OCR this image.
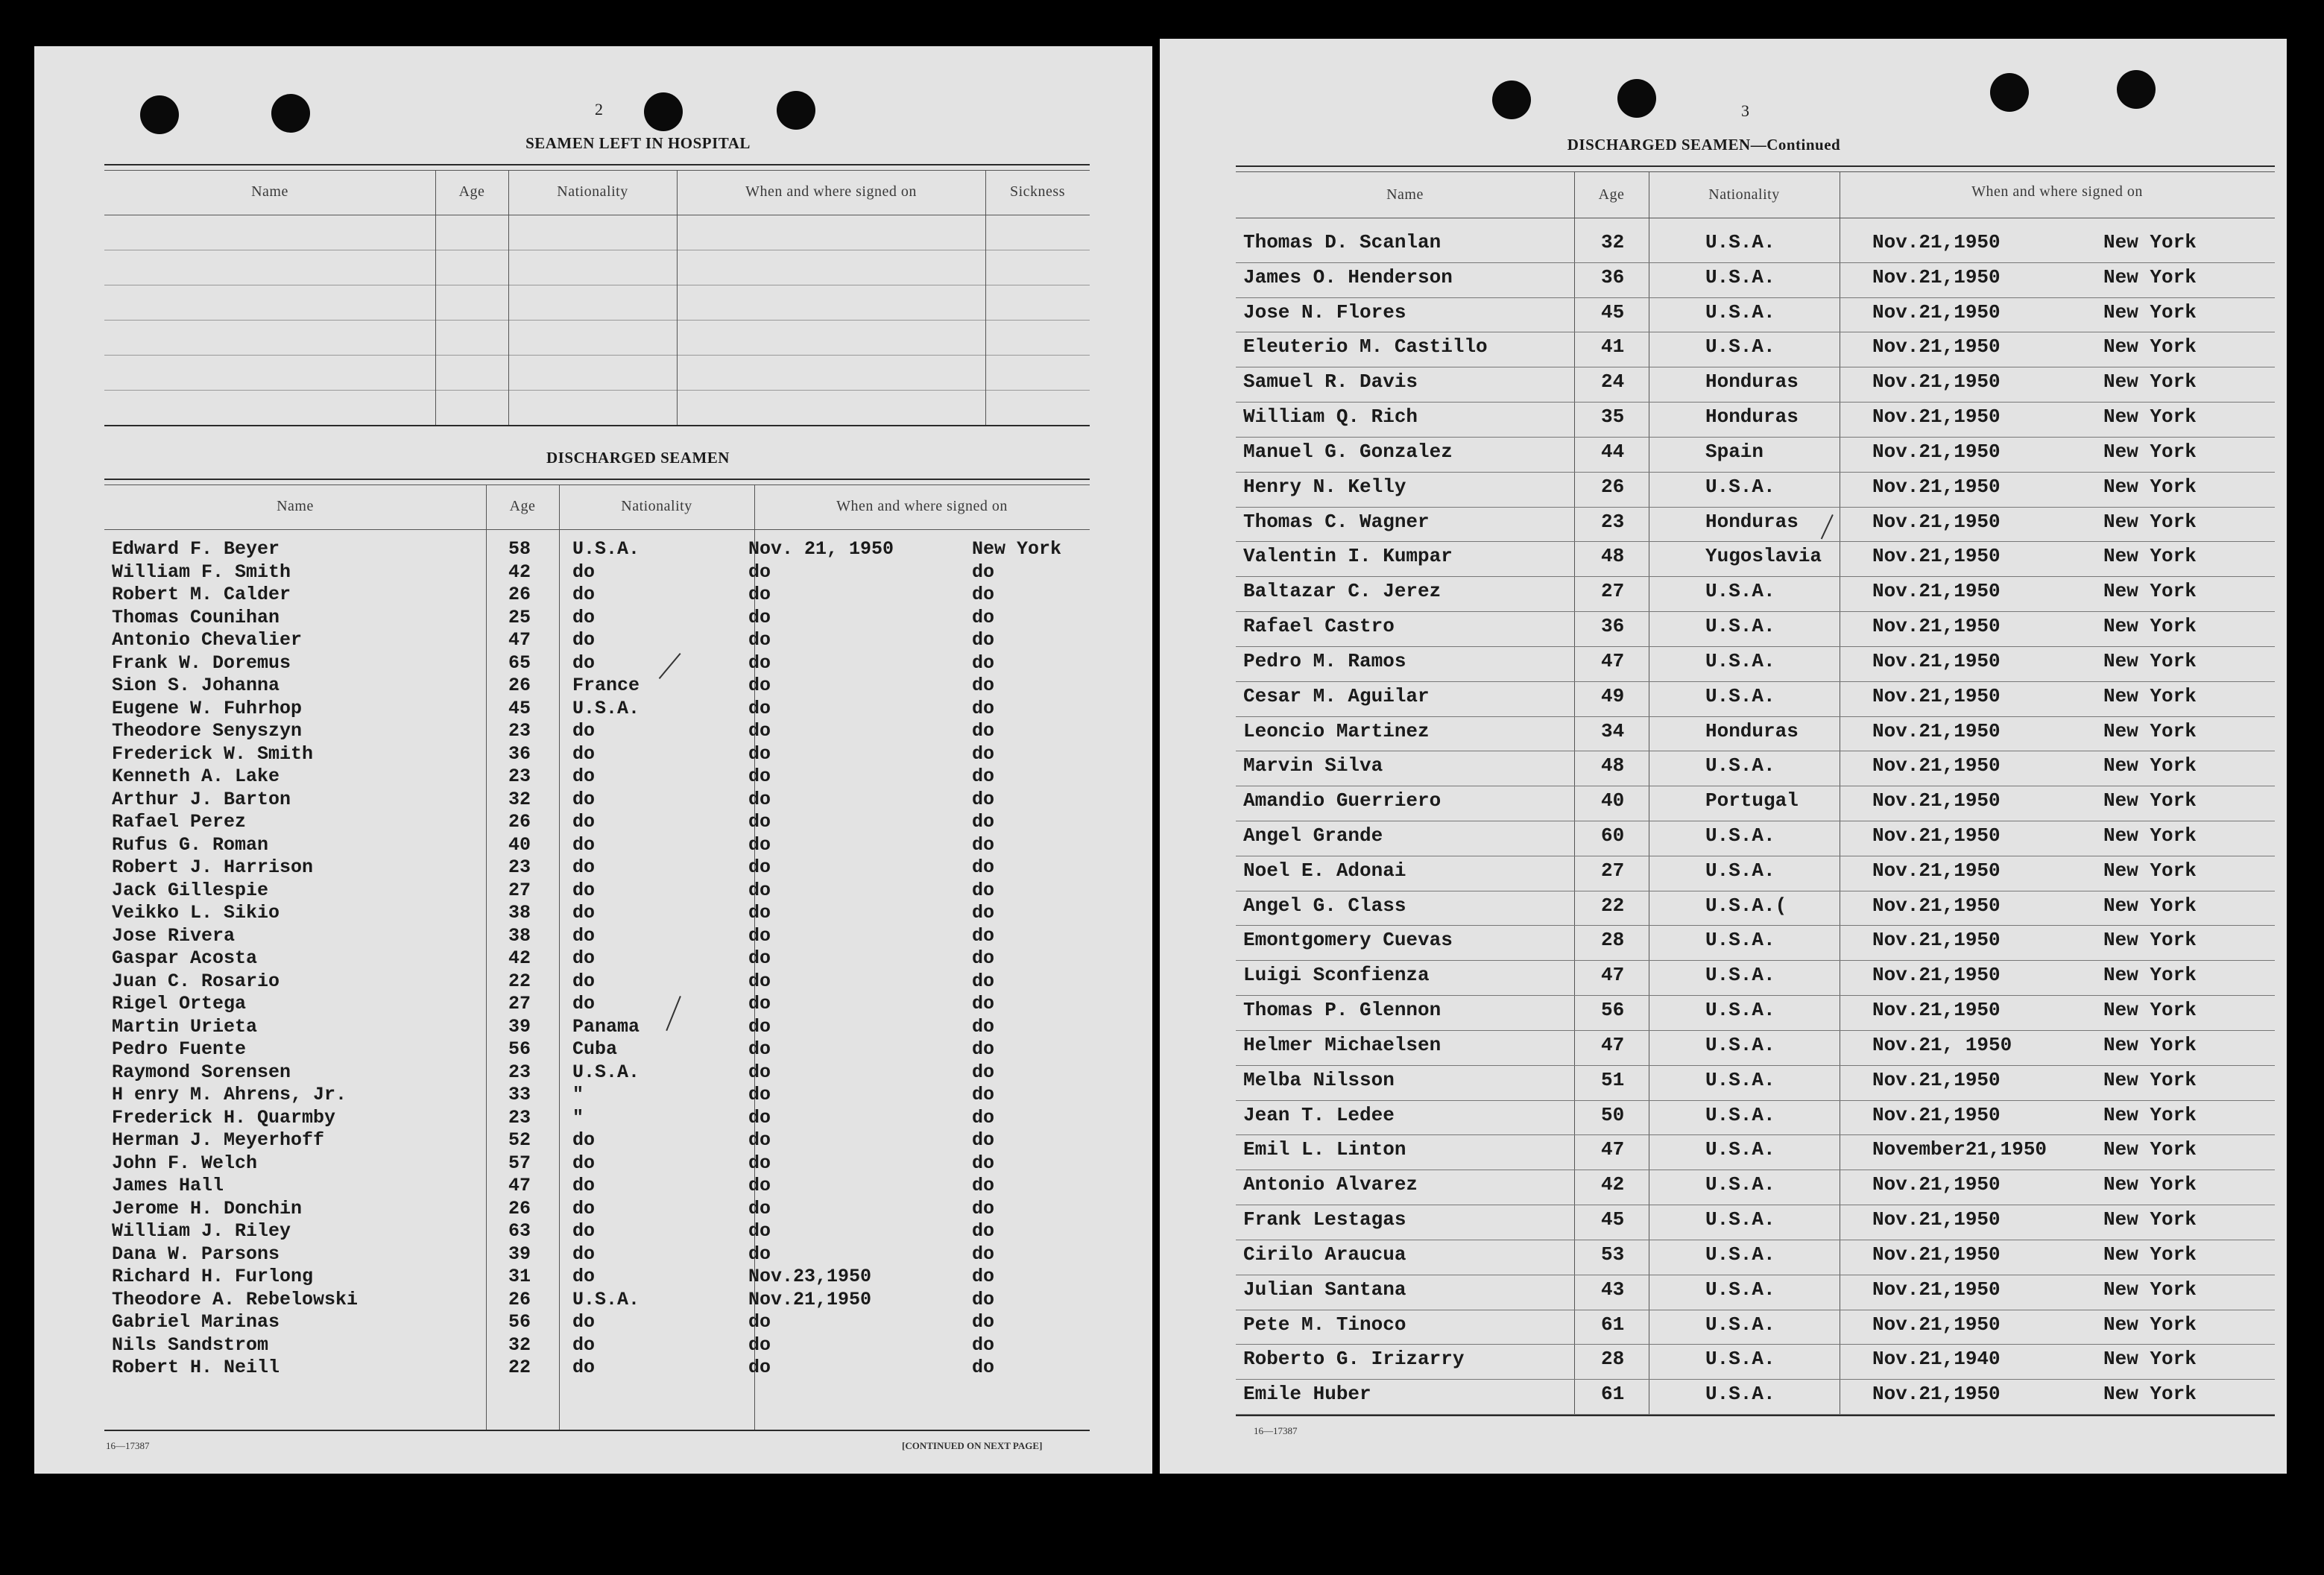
2
SEAMEN LEFT IN HOSPITAL
Name	Age	Nationality	When and where signed on	Sickness
DISCHARGED SEAMEN
Name	Age	Nationality	When and where signed on
Edward F. Beyer	58 U.S.A.	Nov. 21, 1950	New York
William F. Smith	42 do	do	do
Robert M. Calder	26 do	do	do
Thomas Counihan	25 do	do	do
Antonio Chevalier	47 do	do	do
Frank W. Doremus	65 do	do	do
Sion S. Johanna	26 France	do	do
Eugene W. Fuhrhop	45 U.S.A.	do	do
Theodore Senyszyn	23 do	do	do
Frederick W. Smith	36 do	do	do
Kenneth A. Lake	23 do	do	do
Arthur J. Barton	32 do	do	do
Rafael Perez	26 do	do	do
Rufus G. Roman	40 do	do	do
Robert J. Harrison	23 do	do	do
Jack Gillespie	27 do	do	do
Veikko L. Sikio	38 do	do	do
Jose Rivera	38 do	do	do
Gaspar Acosta	42 do	do	do
Juan C. Rosario	22 do	do	do
Rigel Ortega	27 do	do	do
Martin Urieta	39 Panama	do	do
Pedro Fuente	56 Cuba	do	do
Raymond Sorensen	23 U.S.A.	do	do
H enry M. Ahrens, Jr.	33 "	do	do
Frederick H. Quarmby	23 "	do	do
Herman J. Meyerhoff	52 do	do	do
John F. Welch	57 do	do	do
James Hall	47 do	do	do
Jerome H. Donchin	26 do	do	do
William J. Riley	63 do	do	do
Dana W. Parsons	39 do	do	do
Richard H. Furlong	31 do	Nov.23,1950	do
Theodore A. Rebelowski	26 U.S.A.	Nov.21,1950	do
Gabriel Marinas	56 do	do	do
Nils Sandstrom	32 do	do	do
Robert H. Neill	22 do	do	do
16—17387	[CONTINUED ON NEXT PAGE]
3
DISCHARGED SEAMEN—Continued
Name	Age	Nationality	When and where signed on
Thomas D. Scanlan	32	U.S.A.	Nov.21,1950	New York
James O. Henderson	36	U.S.A.	Nov.21,1950	New York
Jose N. Flores	45	U.S.A.	Nov.21,1950	New York
Eleuterio M. Castillo	41	U.S.A.	Nov.21,1950	New York
Samuel R. Davis	24	Honduras	Nov.21,1950	New York
William Q. Rich	35	Honduras	Nov.21,1950	New York
Manuel G. Gonzalez	44	Spain	Nov.21,1950	New York
Henry N. Kelly	26	U.S.A.	Nov.21,1950	New York
Thomas C. Wagner	23	Honduras	Nov.21,1950	New York
Valentin I. Kumpar	48	Yugoslavia	Nov.21,1950	New York
Baltazar C. Jerez	27	U.S.A.	Nov.21,1950	New York
Rafael Castro	36	U.S.A.	Nov.21,1950	New York
Pedro M. Ramos	47	U.S.A.	Nov.21,1950	New York
Cesar M. Aguilar	49	U.S.A.	Nov.21,1950	New York
Leoncio Martinez	34	Honduras	Nov.21,1950	New York
Marvin Silva	48	U.S.A.	Nov.21,1950	New York
Amandio Guerriero	40	Portugal	Nov.21,1950	New York
Angel Grande	60	U.S.A.	Nov.21,1950	New York
Noel E. Adonai	27	U.S.A.	Nov.21,1950	New York
Angel G. Class	22	U.S.A.(	Nov.21,1950	New York
Emontgomery Cuevas	28	U.S.A.	Nov.21,1950	New York
Luigi Sconfienza	47	U.S.A.	Nov.21,1950	New York
Thomas P. Glennon	56	U.S.A.	Nov.21,1950	New York
Helmer Michaelsen	47	U.S.A.	Nov.21, 1950	New York
Melba Nilsson	51	U.S.A.	Nov.21,1950	New York
Jean T. Ledee	50	U.S.A.	Nov.21,1950	New York
Emil L. Linton	47	U.S.A.	November21,1950	New York
Antonio Alvarez	42	U.S.A.	Nov.21,1950	New York
Frank Lestagas	45	U.S.A.	Nov.21,1950	New York
Cirilo Araucua	53	U.S.A.	Nov.21,1950	New York
Julian Santana	43	U.S.A.	Nov.21,1950	New York
Pete M. Tinoco	61	U.S.A.	Nov.21,1950	New York
Roberto G. Irizarry	28	U.S.A.	Nov.21,1940	New York
Emile Huber	61	U.S.A.	Nov.21,1950	New York
16—17387
